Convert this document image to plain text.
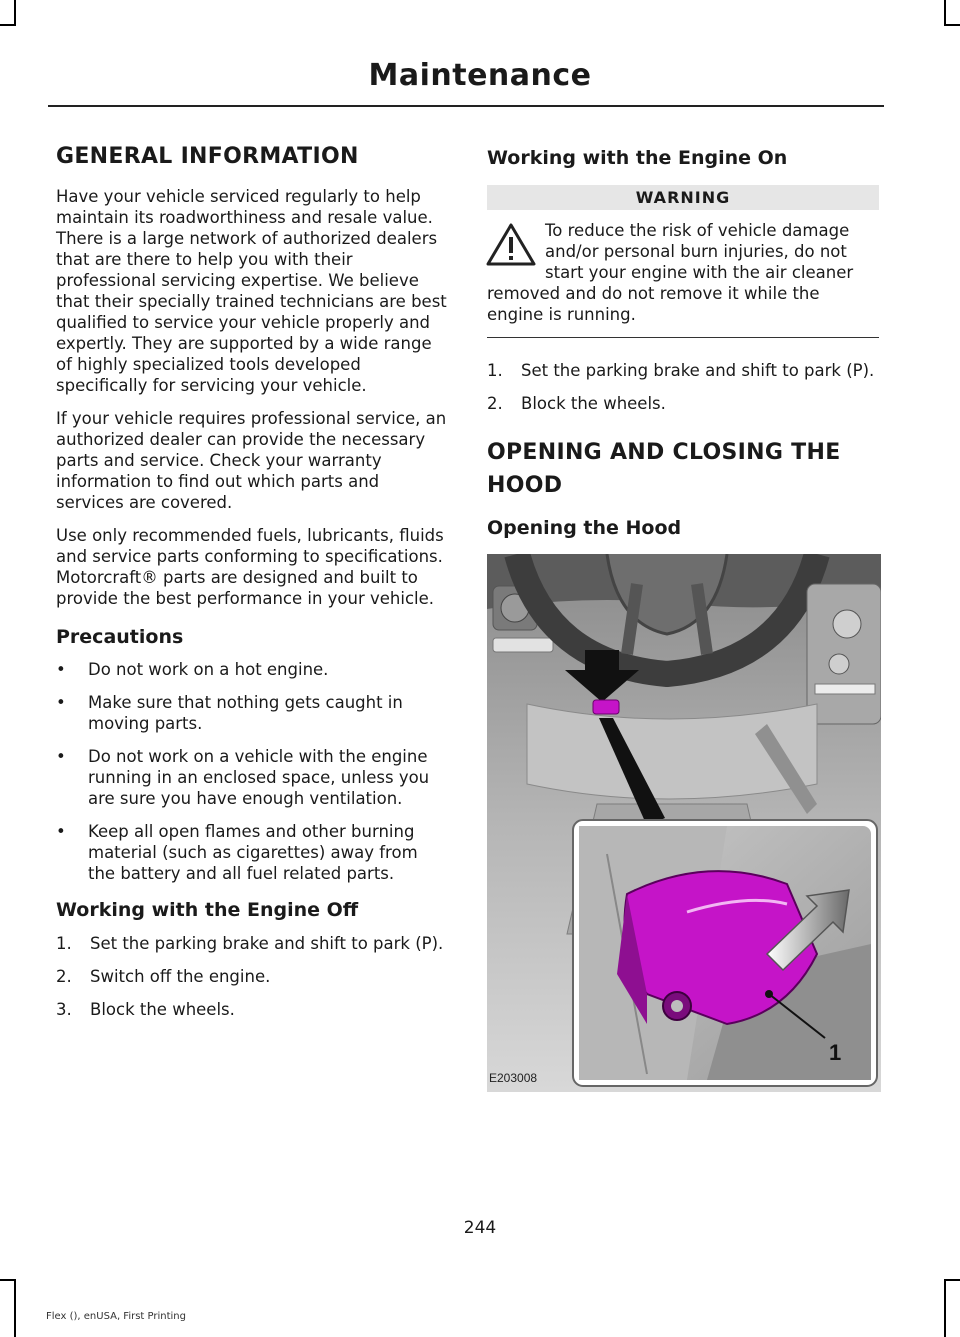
Maintenance
GENERAL INFORMATION

Have your vehicle serviced regularly to help maintain its roadworthiness and resale value. There is a large network of authorized dealers that are there to help you with their professional servicing expertise. We believe that their specially trained technicians are best qualified to service your vehicle properly and expertly. They are supported by a wide range of highly specialized tools developed specifically for servicing your vehicle.

If your vehicle requires professional service, an authorized dealer can provide the necessary parts and service. Check your warranty information to find out which parts and services are covered.

Use only recommended fuels, lubricants, fluids and service parts conforming to specifications. Motorcraft® parts are designed and built to provide the best performance in your vehicle.

Precautions
• Do not work on a hot engine.
• Make sure that nothing gets caught in moving parts.
• Do not work on a vehicle with the engine running in an enclosed space, unless you are sure you have enough ventilation.
• Keep all open flames and other burning material (such as cigarettes) away from the battery and all fuel related parts.
Working with the Engine Off
1. Set the parking brake and shift to park (P).
2. Switch off the engine.
3. Block the wheels.
Working with the Engine On
WARNING
To reduce the risk of vehicle damage and/or personal burn injuries, do not start your engine with the air cleaner removed and do not remove it while the engine is running.
1. Set the parking brake and shift to park (P).
2. Block the wheels.
OPENING AND CLOSING THE HOOD
Opening the Hood
1
E203008
244
Flex (), enUSA, First Printing
